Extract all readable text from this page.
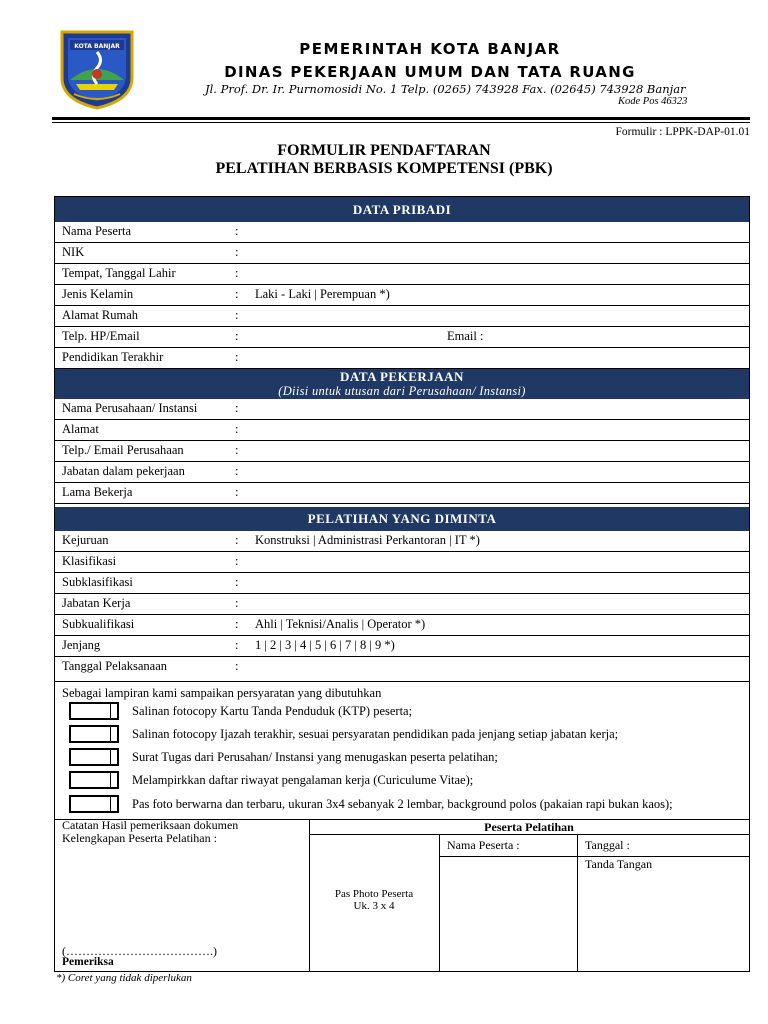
KOTA BANJAR	PEMERINTAH KOTA BANJAR
DINAS PEKERJAAN UMUM DAN TATA RUANG
Jl. Prof. Dr. Ir. Purnomosidi No. 1 Telp. (0265) 743928 Fax. (02645) 743928 Banjar
Kode Pos 46323
Formulir : LPPK-DAP-01.01
FORMULIR PENDAFTARAN
PELATIHAN BERBASIS KOMPETENSI (PBK)
DATA PRIBADI
Nama Peserta	:
NIK	:
Tempat, Tanggal Lahir	:
Jenis Kelamin	: Laki - Laki | Perempuan *)
Alamat Rumah	:
Telp. HP/Email	:	Email :
Pendidikan Terakhir	:
DATA PEKERJAAN
(Diisi untuk utusan dari Perusahaan/ Instansi)
Nama Perusahaan/ Instansi	:
Alamat	:
Telp./ Email Perusahaan	:
Jabatan dalam pekerjaan	:
Lama Bekerja	:
PELATIHAN YANG DIMINTA
Kejuruan	: Konstruksi | Administrasi Perkantoran | IT *)
Klasifikasi	:
Subklasifikasi	:
Jabatan Kerja	:
Subkualifikasi	: Ahli | Teknisi/Analis | Operator *)
Jenjang	: 1 | 2 | 3 | 4 | 5 | 6 | 7 | 8 | 9 *)
Tanggal Pelaksanaan	:
Sebagai lampiran kami sampaikan persyaratan yang dibutuhkan
Salinan fotocopy Kartu Tanda Penduduk (KTP) peserta;
Salinan fotocopy Ijazah terakhir, sesuai persyaratan pendidikan pada jenjang setiap jabatan kerja;
Surat Tugas dari Perusahan/ Instansi yang menugaskan peserta pelatihan;
Melampirkkan daftar riwayat pengalaman kerja (Curiculume Vitae);
Pas foto berwarna dan terbaru, ukuran 3x4 sebanyak 2 lembar, background polos (pakaian rapi bukan kaos);
Catatan Hasil pemeriksaan dokumen
Kelengkapan Peserta Pelatihan :
(……………………………….)
Pemeriksa
Peserta Pelatihan
Pas Photo Peserta
Uk. 3 x 4
Nama Peserta :	Tanggal :
Tanda Tangan
*) Coret yang tidak diperlukan
